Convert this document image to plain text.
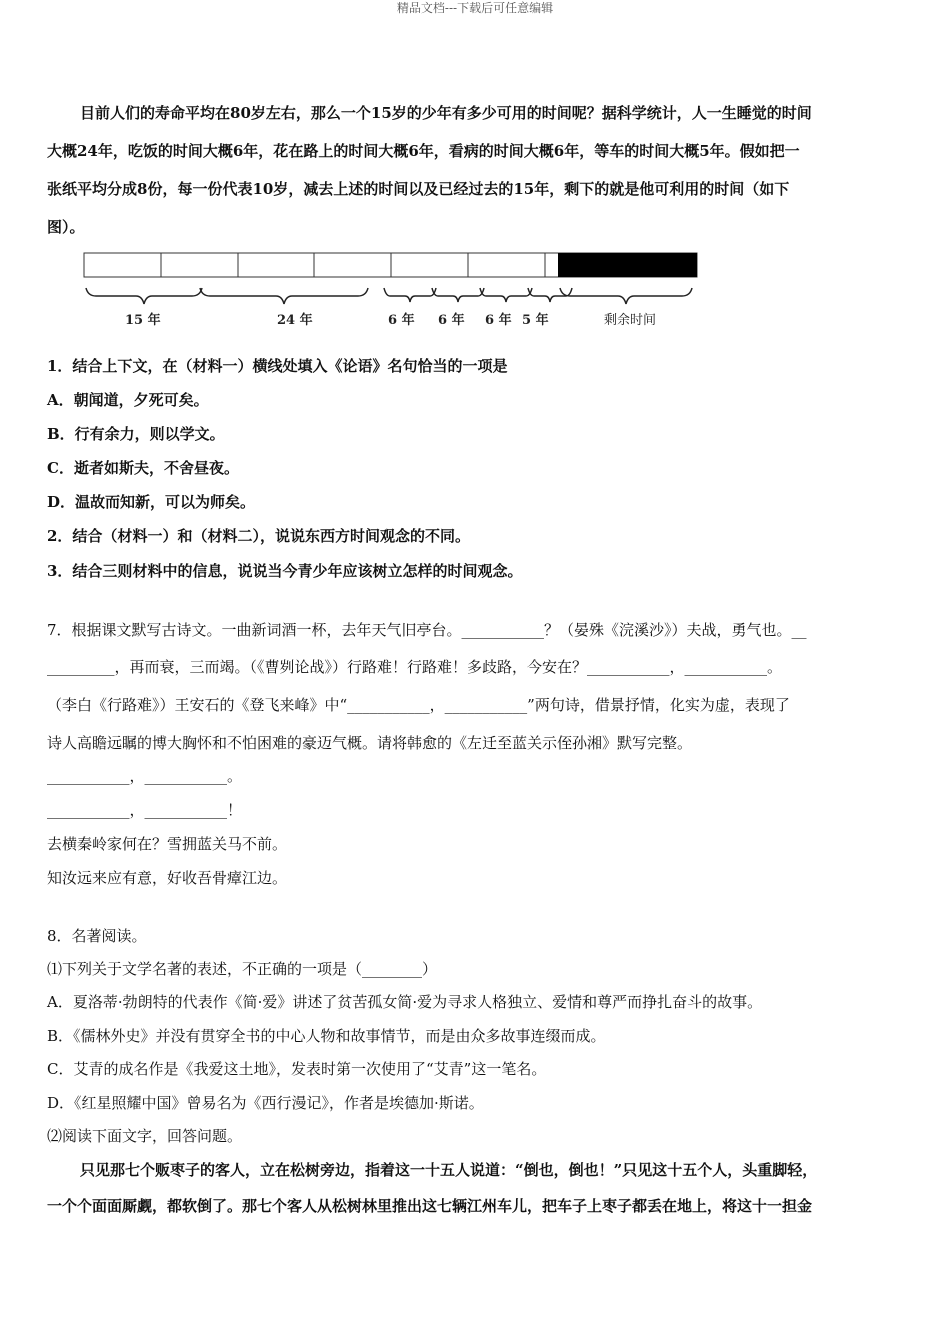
精品文档---下载后可任意编辑
目前人们的寿命平均在80岁左右，那么一个15岁的少年有多少可用的时间呢？据科学统计，人一生睡觉的时间
大概24年，吃饭的时间大概6年，花在路上的时间大概6年，看病的时间大概6年，等车的时间大概5年。假如把一
张纸平均分成8份，每一份代表10岁，减去上述的时间以及已经过去的15年，剩下的就是他可利用的时间（如下
图）。
15 年	24 年	6 年 6 年 6 年 5 年	剩余时间
1．结合上下文，在（材料一）横线处填入《论语》名句恰当的一项是
A．朝闻道，夕死可矣。
B．行有余力，则以学文。
C．逝者如斯夫，不舍昼夜。
D．温故而知新，可以为师矣。
2．结合（材料一）和（材料二），说说东西方时间观念的不同。
3．结合三则材料中的信息，说说当今青少年应该树立怎样的时间观念。
7．根据课文默写古诗文。一曲新词酒一杯，去年天气旧亭台。___________？（晏殊《浣溪沙》）夫战，勇气也。__
_________，再而衰，三而竭。（《曹刿论战》）行路难！行路难！多歧路，今安在？___________，___________。
（李白《行路难》）王安石的《登飞来峰》中“___________，___________”两句诗，借景抒情，化实为虚，表现了
诗人高瞻远瞩的博大胸怀和不怕困难的豪迈气概。请将韩愈的《左迁至蓝关示侄孙湘》默写完整。
___________，___________。
___________，___________！
去横秦岭家何在？雪拥蓝关马不前。
知汝远来应有意，好收吾骨瘴江边。
8．名著阅读。
⑴下列关于文学名著的表述，不正确的一项是（________）
A．夏洛蒂·勃朗特的代表作《简·爱》讲述了贫苦孤女简·爱为寻求人格独立、爱情和尊严而挣扎奋斗的故事。
B．《儒林外史》并没有贯穿全书的中心人物和故事情节，而是由众多故事连缀而成。
C．艾青的成名作是《我爱这土地》，发表时第一次使用了“艾青”这一笔名。
D．《红星照耀中国》曾易名为《西行漫记》，作者是埃德加·斯诺。
⑵阅读下面文字，回答问题。
只见那七个贩枣子的客人，立在松树旁边，指着这一十五人说道：“倒也，倒也！”只见这十五个人，头重脚轻，
一个个面面厮觑，都软倒了。那七个客人从松树林里推出这七辆江州车儿，把车子上枣子都丢在地上，将这十一担金
